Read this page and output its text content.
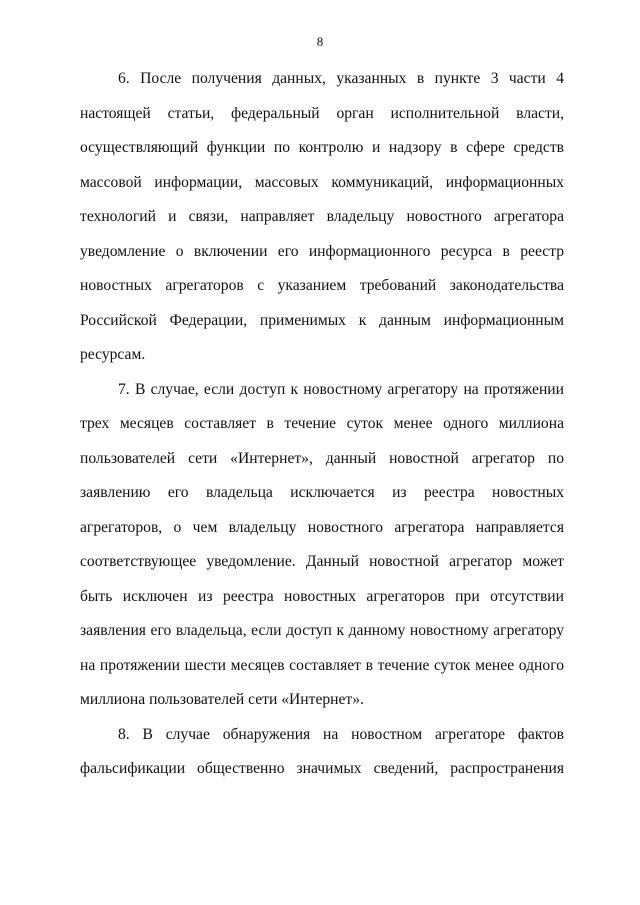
8

6. После получения данных, указанных в пункте 3 части 4 настоящей статьи, федеральный орган исполнительной власти, осуществляющий функции по контролю и надзору в сфере средств массовой информации, массовых коммуникаций, информационных технологий и связи, направляет владельцу новостного агрегатора уведомление о включении его информационного ресурса в реестр новостных агрегаторов с указанием требований законодательства Российской Федерации, применимых к данным информационным ресурсам.

7. В случае, если доступ к новостному агрегатору на протяжении трех месяцев составляет в течение суток менее одного миллиона пользователей сети «Интернет», данный новостной агрегатор по заявлению его владельца исключается из реестра новостных агрегаторов, о чем владельцу новостного агрегатора направляется соответствующее уведомление. Данный новостной агрегатор может быть исключен из реестра новостных агрегаторов при отсутствии заявления его владельца, если доступ к данному новостному агрегатору на протяжении шести месяцев составляет в течение суток менее одного миллиона пользователей сети «Интернет».

8. В случае обнаружения на новостном агрегаторе фактов фальсификации общественно значимых сведений, распространения
